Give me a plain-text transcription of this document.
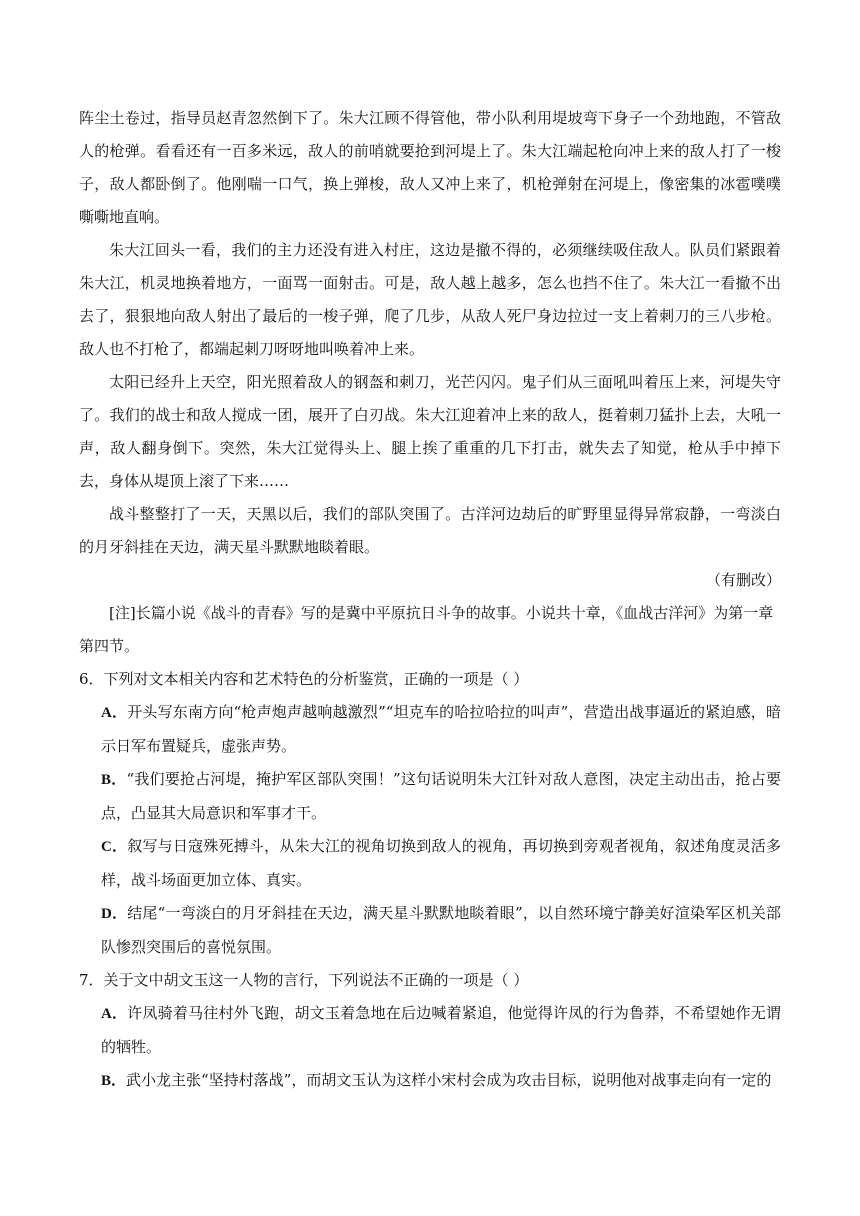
阵尘土卷过，指导员赵青忽然倒下了。朱大江顾不得管他，带小队利用堤坡弯下身子一个劲地跑，不管敌人的枪弹。看看还有一百多米远，敌人的前哨就要抢到河堤上了。朱大江端起枪向冲上来的敌人打了一梭子，敌人都卧倒了。他刚喘一口气，换上弹梭，敌人又冲上来了，机枪弹射在河堤上，像密集的冰雹噗噗嘶嘶地直响。

朱大江回头一看，我们的主力还没有进入村庄，这边是撤不得的，必须继续吸住敌人。队员们紧跟着朱大江，机灵地换着地方，一面骂一面射击。可是，敌人越上越多，怎么也挡不住了。朱大江一看撤不出去了，狠狠地向敌人射出了最后的一梭子弹，爬了几步，从敌人死尸身边拉过一支上着刺刀的三八步枪。敌人也不打枪了，都端起刺刀呀呀地叫唤着冲上来。

太阳已经升上天空，阳光照着敌人的钢盔和刺刀，光芒闪闪。鬼子们从三面吼叫着压上来，河堤失守了。我们的战士和敌人搅成一团，展开了白刃战。朱大江迎着冲上来的敌人，挺着刺刀猛扑上去，大吼一声，敌人翻身倒下。突然，朱大江觉得头上、腿上挨了重重的几下打击，就失去了知觉，枪从手中掉下去，身体从堤顶上滚了下来……

战斗整整打了一天，天黑以后，我们的部队突围了。古洋河边劫后的旷野里显得异常寂静，一弯淡白的月牙斜挂在天边，满天星斗默默地睒着眼。

（有删改）

[注]长篇小说《战斗的青春》写的是冀中平原抗日斗争的故事。小说共十章，《血战古洋河》为第一章第四节。

6．下列对文本相关内容和艺术特色的分析鉴赏，正确的一项是（ ）

A．开头写东南方向“枪声炮声越响越激烈”“坦克车的哈拉哈拉的叫声”，营造出战事逼近的紧迫感，暗示日军布置疑兵，虚张声势。

B．“我们要抢占河堤，掩护军区部队突围！”这句话说明朱大江针对敌人意图，决定主动出击，抢占要点，凸显其大局意识和军事才干。

C．叙写与日寇殊死搏斗，从朱大江的视角切换到敌人的视角，再切换到旁观者视角，叙述角度灵活多样，战斗场面更加立体、真实。

D．结尾“一弯淡白的月牙斜挂在天边，满天星斗默默地睒着眼”，以自然环境宁静美好渲染军区机关部队惨烈突围后的喜悦氛围。

7．关于文中胡文玉这一人物的言行，下列说法不正确的一项是（ ）

A．许凤骑着马往村外飞跑，胡文玉着急地在后边喊着紧追，他觉得许凤的行为鲁莽，不希望她作无谓的牺牲。

B．武小龙主张“坚持村落战”，而胡文玉认为这样小宋村会成为攻击目标，说明他对战事走向有一定的
